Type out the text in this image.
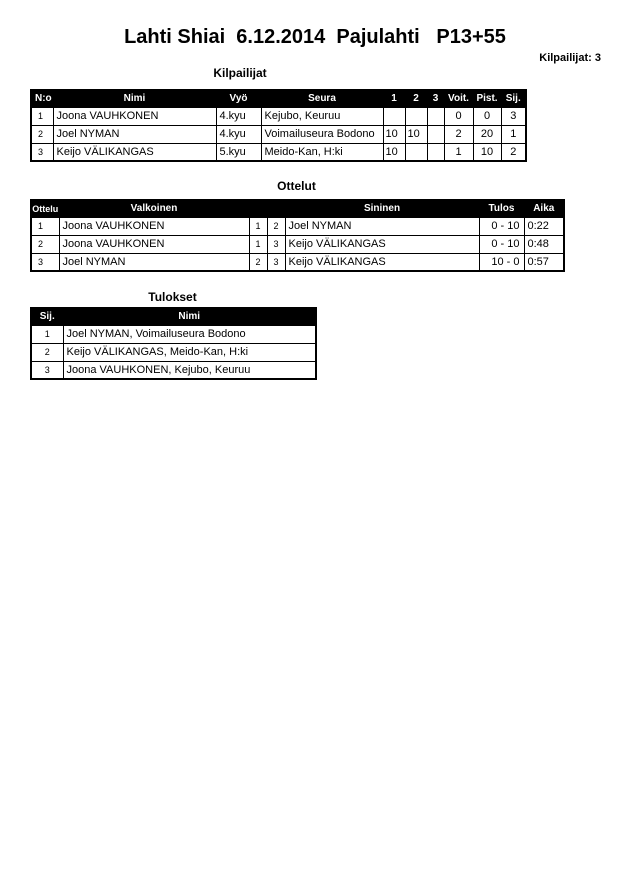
Lahti Shiai  6.12.2014  Pajulahti   P13+55
Kilpailijat: 3
Kilpailijat
N:o	Nimi	Vyö	Seura	1	2	3	Voit.	Pist.	Sij.
1	Joona VAUHKONEN	4.kyu	Kejubo, Keuruu				0	0	3
2	Joel NYMAN	4.kyu	Voimailuseura Bodono	10	10		2	20	1
3	Keijo VÄLIKANGAS	5.kyu	Meido-Kan, H:ki	10			1	10	2
Ottelut
Ottelu	Valkoinen			Sininen	Tulos	Aika
1	Joona VAUHKONEN	1	2	Joel NYMAN	0 - 10	0:22
2	Joona VAUHKONEN	1	3	Keijo VÄLIKANGAS	0 - 10	0:48
3	Joel NYMAN	2	3	Keijo VÄLIKANGAS	10 - 0	0:57
Tulokset
Sij.	Nimi
1	Joel NYMAN, Voimailuseura Bodono
2	Keijo VÄLIKANGAS, Meido-Kan, H:ki
3	Joona VAUHKONEN, Kejubo, Keuruu
